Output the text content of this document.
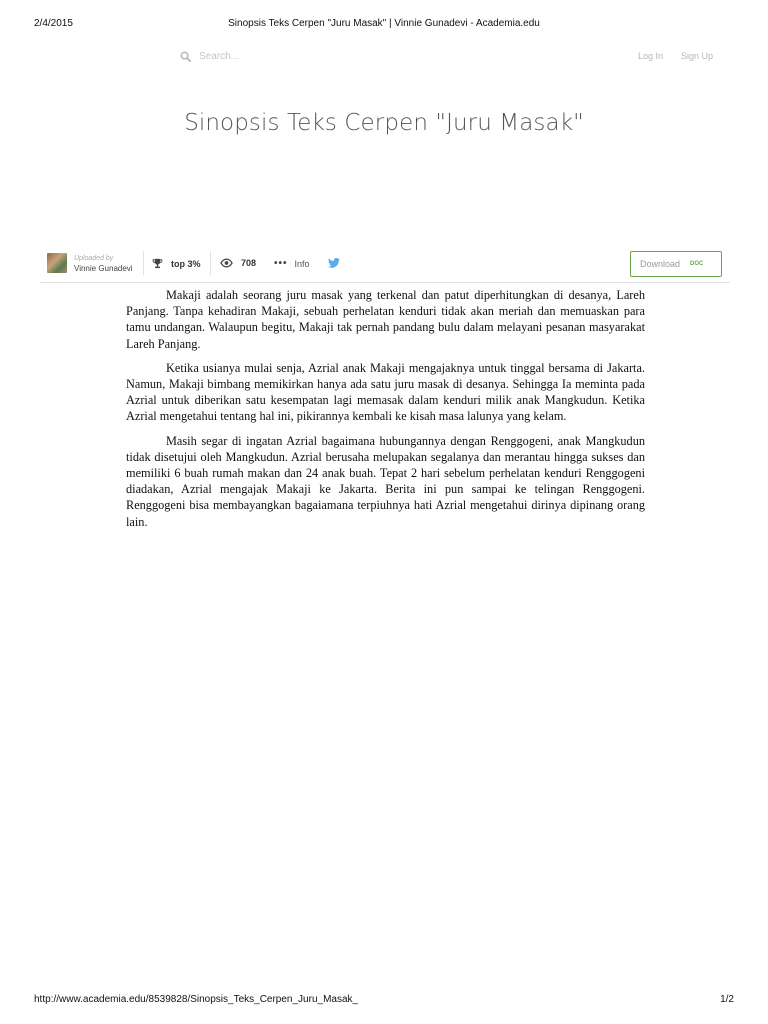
2/4/2015	Sinopsis Teks Cerpen "Juru Masak" | Vinnie Gunadevi - Academia.edu
Search...
Log In Sign Up
Sinopsis Teks Cerpen "Juru Masak"
Uploaded by
Vinnie Gunadevi	top 3%	708 ••• Info	Download DOC

Makaji adalah seorang juru masak yang terkenal dan patut diperhitungkan di desanya, Lareh Panjang. Tanpa kehadiran Makaji, sebuah perhelatan kenduri tidak akan meriah dan memuaskan para tamu undangan. Walaupun begitu, Makaji tak pernah pandang bulu dalam melayani pesanan masyarakat Lareh Panjang.

Ketika usianya mulai senja, Azrial anak Makaji mengajaknya untuk tinggal bersama di Jakarta. Namun, Makaji bimbang memikirkan hanya ada satu juru masak di desanya. Sehingga Ia meminta pada Azrial untuk diberikan satu kesempatan lagi memasak dalam kenduri milik anak Mangkudun. Ketika Azrial mengetahui tentang hal ini, pikirannya kembali ke kisah masa lalunya yang kelam.

Masih segar di ingatan Azrial bagaimana hubungannya dengan Renggogeni, anak Mangkudun tidak disetujui oleh Mangkudun. Azrial berusaha melupakan segalanya dan merantau hingga sukses dan memiliki 6 buah rumah makan dan 24 anak buah. Tepat 2 hari sebelum perhelatan kenduri Renggogeni diadakan, Azrial mengajak Makaji ke Jakarta. Berita ini pun sampai ke telingan Renggogeni. Renggogeni bisa membayangkan bagaiamana terpiuhnya hati Azrial mengetahui dirinya dipinang orang lain.

http://www.academia.edu/8539828/Sinopsis_Teks_Cerpen_Juru_Masak_	1/2
